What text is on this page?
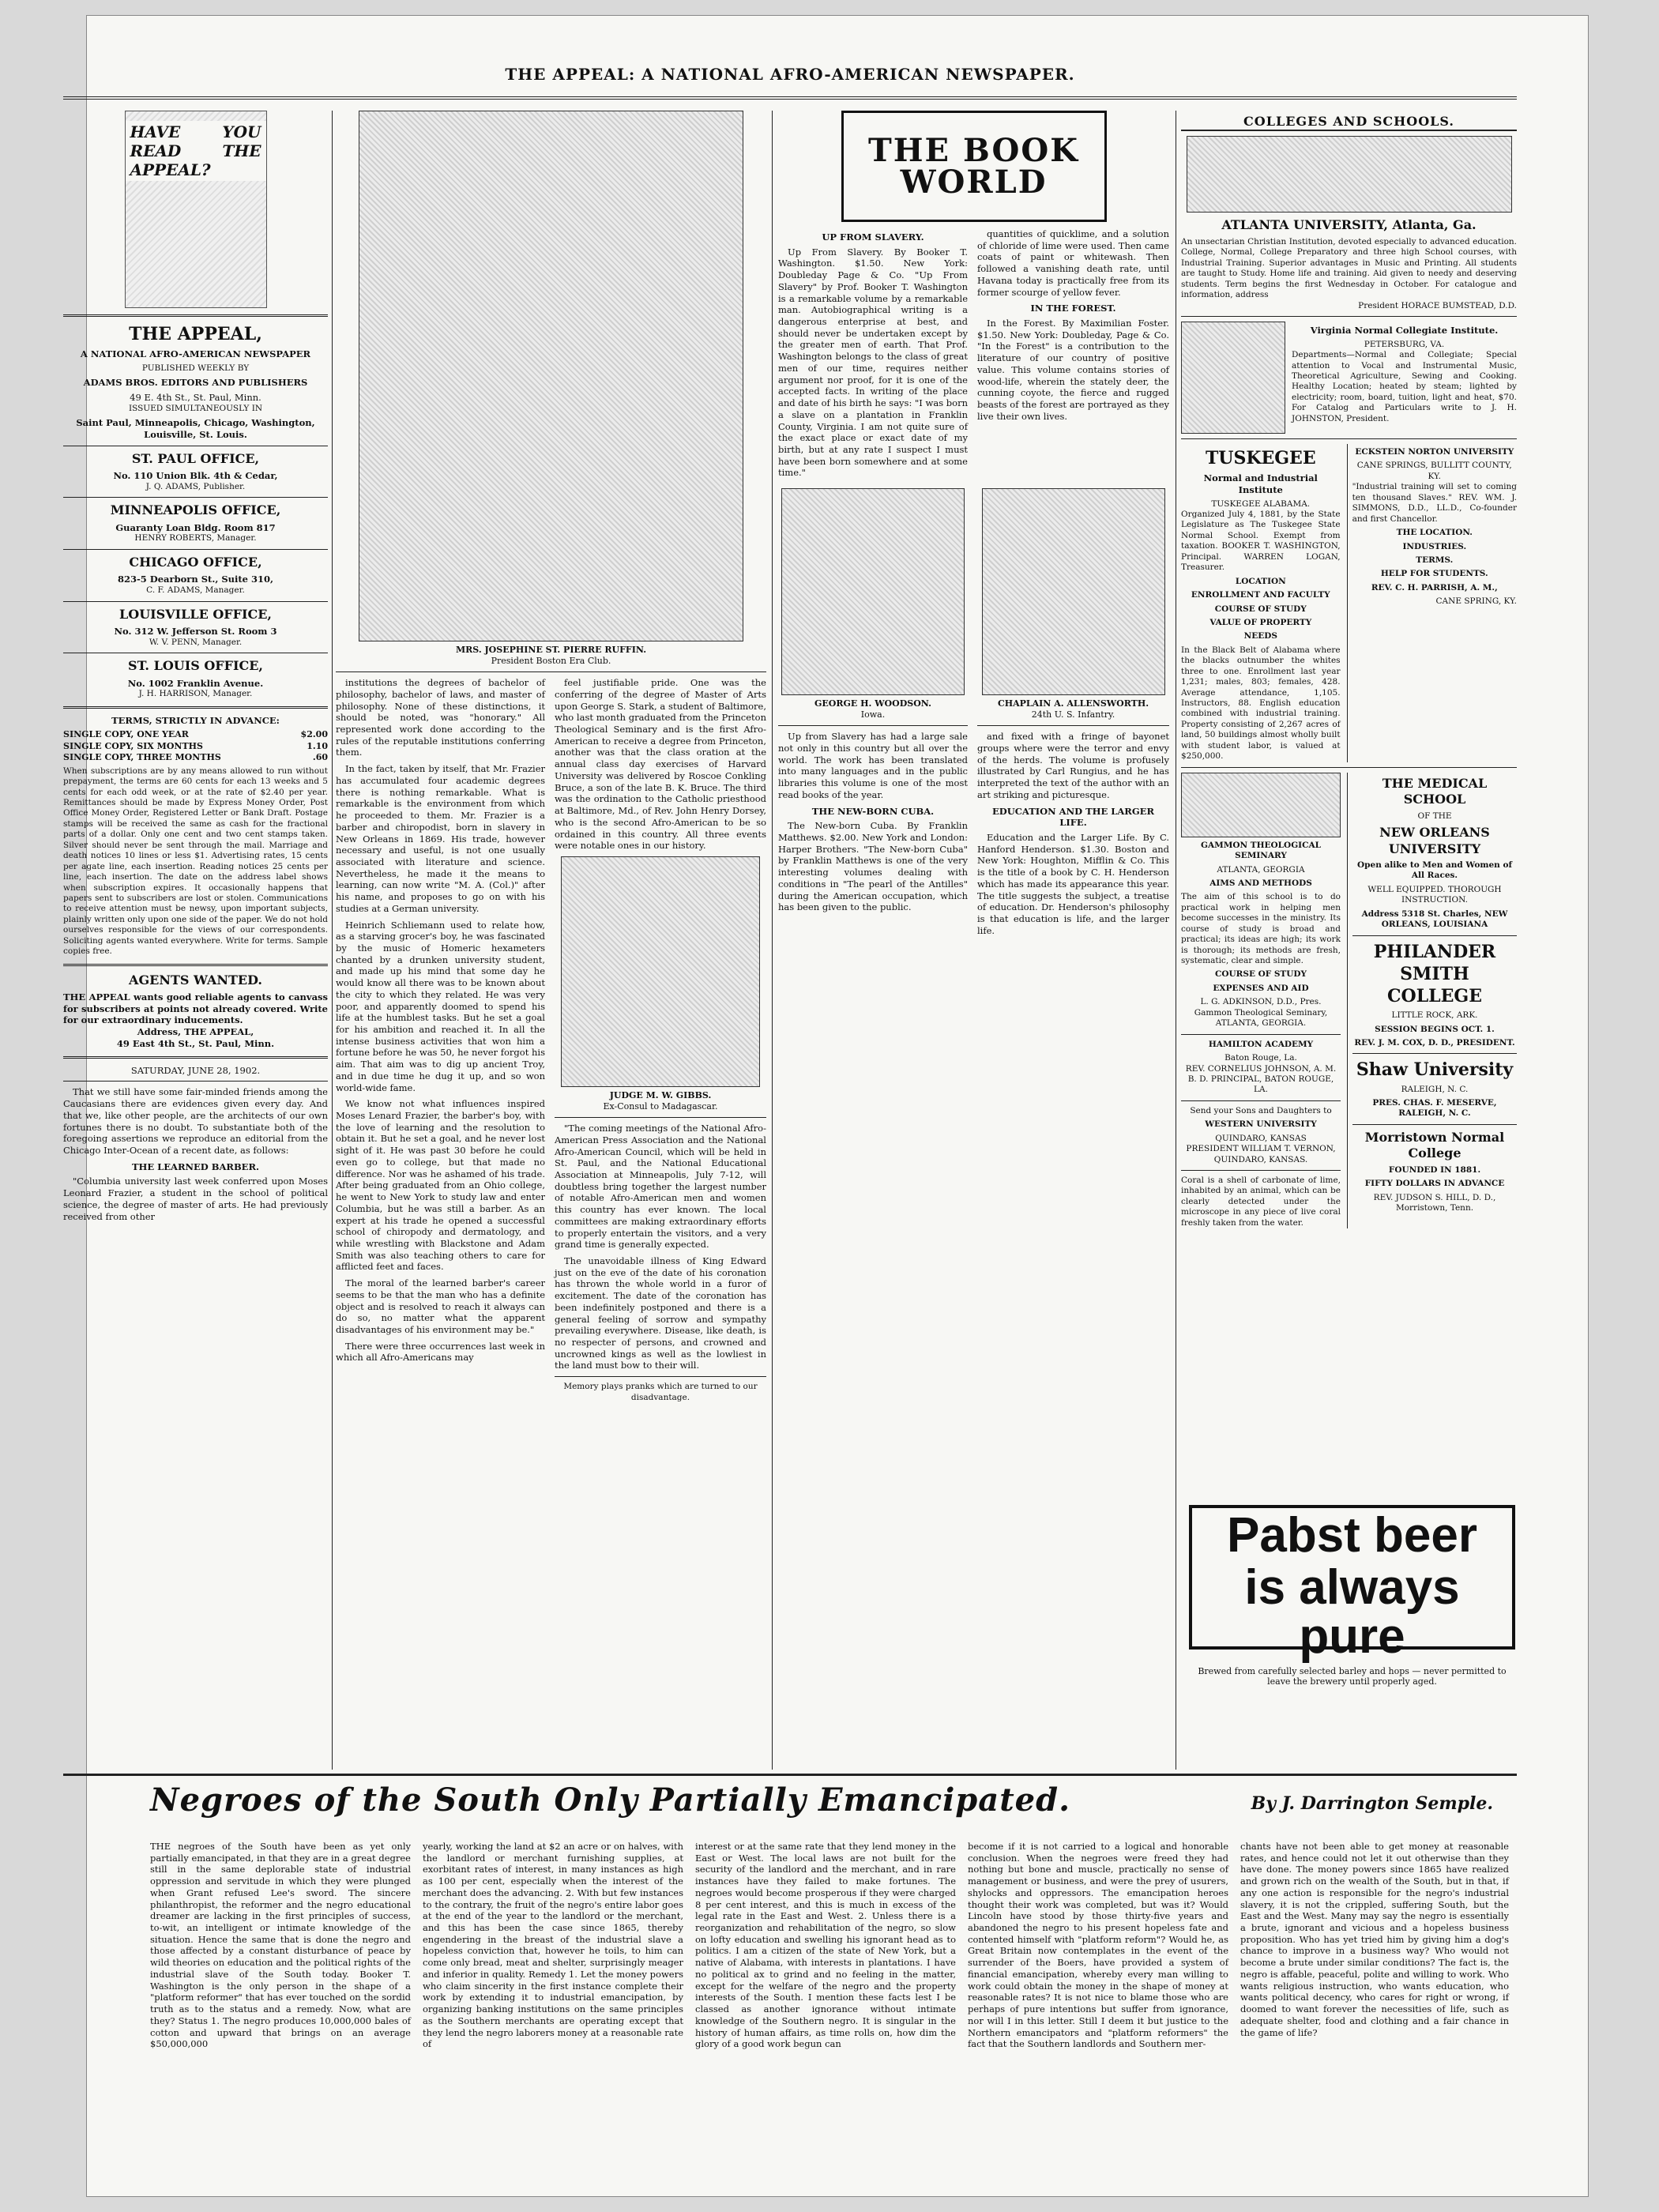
THE APPEAL: A NATIONAL AFRO-AMERICAN NEWSPAPER.
HAVE YOU READ THE APPEAL?
THE APPEAL,
A NATIONAL AFRO-AMERICAN NEWSPAPER
PUBLISHED WEEKLY BY
ADAMS BROS. EDITORS AND PUBLISHERS
49 E. 4th St., St. Paul, Minn.
ISSUED SIMULTANEOUSLY IN
Saint Paul, Minneapolis, Chicago, Washington, Louisville, St. Louis.
ST. PAUL OFFICE,
No. 110 Union Blk. 4th & Cedar,
J. Q. ADAMS, Publisher.
MINNEAPOLIS OFFICE,
Guaranty Loan Bldg. Room 817
HENRY ROBERTS, Manager.
CHICAGO OFFICE,
823-5 Dearborn St., Suite 310,
C. F. ADAMS, Manager.
LOUISVILLE OFFICE,
No. 312 W. Jefferson St. Room 3
W. V. PENN, Manager.
ST. LOUIS OFFICE,
No. 1002 Franklin Avenue.
J. H. HARRISON, Manager.
TERMS, STRICTLY IN ADVANCE:
SINGLE COPY, ONE YEAR	$2.00
SINGLE COPY, SIX MONTHS	1.10
SINGLE COPY, THREE MONTHS	.60
When subscriptions are by any means allowed to run without prepayment, the terms are 60 cents for each 13 weeks and 5 cents for each odd week, or at the rate of $2.40 per year. Remittances should be made by Express Money Order, Post Office Money Order, Registered Letter or Bank Draft. Postage stamps will be received the same as cash for the fractional parts of a dollar. Only one cent and two cent stamps taken. Silver should never be sent through the mail. Marriage and death notices 10 lines or less $1. Advertising rates, 15 cents per agate line, each insertion. Reading notices 25 cents per line, each insertion. The date on the address label shows when subscription expires. It occasionally happens that papers sent to subscribers are lost or stolen. Communications to receive attention must be newsy, upon important subjects, plainly written only upon one side of the paper. We do not hold ourselves responsible for the views of our correspondents. Soliciting agents wanted everywhere. Write for terms. Sample copies free.
AGENTS WANTED.
THE APPEAL wants good reliable agents to canvass for subscribers at points not already covered. Write for our extraordinary inducements.
Address, THE APPEAL,
49 East 4th St., St. Paul, Minn.
SATURDAY, JUNE 28, 1902.

That we still have some fair-minded friends among the Caucasians there are evidences given every day. And that we, like other people, are the architects of our own fortunes there is no doubt. To substantiate both of the foregoing assertions we reproduce an editorial from the Chicago Inter-Ocean of a recent date, as follows:

THE LEARNED BARBER.

"Columbia university last week conferred upon Moses Leonard Frazier, a student in the school of political science, the degree of master of arts. He had previously received from other

MRS. JOSEPHINE ST. PIERRE RUFFIN.
President Boston Era Club.

institutions the degrees of bachelor of philosophy, bachelor of laws, and master of philosophy. None of these distinctions, it should be noted, was "honorary." All represented work done according to the rules of the reputable institutions conferring them.

In the fact, taken by itself, that Mr. Frazier has accumulated four academic degrees there is nothing remarkable. What is remarkable is the environment from which he proceeded to them. Mr. Frazier is a barber and chiropodist, born in slavery in New Orleans in 1869. His trade, however necessary and useful, is not one usually associated with literature and science. Nevertheless, he made it the means to learning, can now write "M. A. (Col.)" after his name, and proposes to go on with his studies at a German university.

Heinrich Schliemann used to relate how, as a starving grocer's boy, he was fascinated by the music of Homeric hexameters chanted by a drunken university student, and made up his mind that some day he would know all there was to be known about the city to which they related. He was very poor, and apparently doomed to spend his life at the humblest tasks. But he set a goal for his ambition and reached it. In all the intense business activities that won him a fortune before he was 50, he never forgot his aim. That aim was to dig up ancient Troy, and in due time he dug it up, and so won world-wide fame.

We know not what influences inspired Moses Lenard Frazier, the barber's boy, with the love of learning and the resolution to obtain it. But he set a goal, and he never lost sight of it. He was past 30 before he could even go to college, but that made no difference. Nor was he ashamed of his trade. After being graduated from an Ohio college, he went to New York to study law and enter Columbia, but he was still a barber. As an expert at his trade he opened a successful school of chiropody and dermatology, and while wrestling with Blackstone and Adam Smith was also teaching others to care for afflicted feet and faces.

The moral of the learned barber's career seems to be that the man who has a definite object and is resolved to reach it always can do so, no matter what the apparent disadvantages of his environment may be."

There were three occurrences last week in which all Afro-Americans may

feel justifiable pride. One was the conferring of the degree of Master of Arts upon George S. Stark, a student of Baltimore, who last month graduated from the Princeton Theological Seminary and is the first Afro-American to receive a degree from Princeton, another was that the class oration at the annual class day exercises of Harvard University was delivered by Roscoe Conkling Bruce, a son of the late B. K. Bruce. The third was the ordination to the Catholic priesthood at Baltimore, Md., of Rev. John Henry Dorsey, who is the second Afro-American to be so ordained in this country. All three events were notable ones in our history.

JUDGE M. W. GIBBS.
Ex-Consul to Madagascar.

"The coming meetings of the National Afro-American Press Association and the National Afro-American Council, which will be held in St. Paul, and the National Educational Association at Minneapolis, July 7-12, will doubtless bring together the largest number of notable Afro-American men and women this country has ever known. The local committees are making extraordinary efforts to properly entertain the visitors, and a very grand time is generally expected.

The unavoidable illness of King Edward just on the eve of the date of his coronation has thrown the whole world in a furor of excitement. The date of the coronation has been indefinitely postponed and there is a general feeling of sorrow and sympathy prevailing everywhere. Disease, like death, is no respecter of persons, and crowned and uncrowned kings as well as the lowliest in the land must bow to their will.

Memory plays pranks which are turned to our disadvantage.
THE BOOK
WORLD
UP FROM SLAVERY.

Up From Slavery. By Booker T. Washington. $1.50. New York: Doubleday Page & Co. "Up From Slavery" by Prof. Booker T. Washington is a remarkable volume by a remarkable man. Autobiographical writing is a dangerous enterprise at best, and should never be undertaken except by the greater men of earth. That Prof. Washington belongs to the class of great men of our time, requires neither argument nor proof, for it is one of the accepted facts. In writing of the place and date of his birth he says: "I was born a slave on a plantation in Franklin County, Virginia. I am not quite sure of the exact place or exact date of my birth, but at any rate I suspect I must have been born somewhere and at some time."

quantities of quicklime, and a solution of chloride of lime were used. Then came coats of paint or whitewash. Then followed a vanishing death rate, until Havana today is practically free from its former scourge of yellow fever.

IN THE FOREST.

In the Forest. By Maximilian Foster. $1.50. New York: Doubleday, Page & Co. "In the Forest" is a contribution to the literature of our country of positive value. This volume contains stories of wood-life, wherein the stately deer, the cunning coyote, the fierce and rugged beasts of the forest are portrayed as they live their own lives.

GEORGE H. WOODSON.
Iowa.

Up from Slavery has had a large sale not only in this country but all over the world. The work has been translated into many languages and in the public libraries this volume is one of the most read books of the year.

THE NEW-BORN CUBA.

The New-born Cuba. By Franklin Matthews. $2.00. New York and London: Harper Brothers. "The New-born Cuba" by Franklin Matthews is one of the very interesting volumes dealing with conditions in "The pearl of the Antilles" during the American occupation, which has been given to the public.

CHAPLAIN A. ALLENSWORTH.
24th U. S. Infantry.

and fixed with a fringe of bayonet groups where were the terror and envy of the herds. The volume is profusely illustrated by Carl Rungius, and he has interpreted the text of the author with an art striking and picturesque.

EDUCATION AND THE LARGER LIFE.

Education and the Larger Life. By C. Hanford Henderson. $1.30. Boston and New York: Houghton, Mifflin & Co. This is the title of a book by C. H. Henderson which has made its appearance this year. The title suggests the subject, a treatise of education. Dr. Henderson's philosophy is that education is life, and the larger life.

COLLEGES AND SCHOOLS.
ATLANTA UNIVERSITY, Atlanta, Ga.
An unsectarian Christian Institution, devoted especially to advanced education. College, Normal, College Preparatory and three high School courses, with Industrial Training. Superior advantages in Music and Printing. All students are taught to Study. Home life and training. Aid given to needy and deserving students. Term begins the first Wednesday in October. For catalogue and information, address
President HORACE BUMSTEAD, D.D.
Virginia Normal Collegiate Institute.
PETERSBURG, VA.
Departments—Normal and Collegiate; Special attention to Vocal and Instrumental Music, Theoretical Agriculture, Sewing and Cooking. Healthy Location; heated by steam; lighted by electricity; room, board, tuition, light and heat, $70. For Catalog and Particulars write to J. H. JOHNSTON, President.
TUSKEGEE
Normal and Industrial Institute
TUSKEGEE ALABAMA.
Organized July 4, 1881, by the State Legislature as The Tuskegee State Normal School. Exempt from taxation. BOOKER T. WASHINGTON, Principal. WARREN LOGAN, Treasurer.
LOCATION
ENROLLMENT AND FACULTY
COURSE OF STUDY
VALUE OF PROPERTY
NEEDS
In the Black Belt of Alabama where the blacks outnumber the whites three to one. Enrollment last year 1,231; males, 803; females, 428. Average attendance, 1,105. Instructors, 88. English education combined with industrial training. Property consisting of 2,267 acres of land, 50 buildings almost wholly built with student labor, is valued at $250,000.
ECKSTEIN NORTON UNIVERSITY
CANE SPRINGS, BULLITT COUNTY, KY.
"Industrial training will set to coming ten thousand Slaves." REV. WM. J. SIMMONS, D.D., LL.D., Co-founder and first Chancellor.
THE LOCATION.
INDUSTRIES.
TERMS.
HELP FOR STUDENTS.
REV. C. H. PARRISH, A. M.,
CANE SPRING, KY.
GAMMON THEOLOGICAL SEMINARY
ATLANTA, GEORGIA
AIMS AND METHODS
The aim of this school is to do practical work in helping men become successes in the ministry. Its course of study is broad and practical; its ideas are high; its work is thorough; its methods are fresh, systematic, clear and simple.
COURSE OF STUDY
EXPENSES AND AID
L. G. ADKINSON, D.D., Pres. Gammon Theological Seminary, ATLANTA, GEORGIA.
HAMILTON ACADEMY
Baton Rouge, La.
REV. CORNELIUS JOHNSON, A. M. B. D. PRINCIPAL, BATON ROUGE, LA.
Send your Sons and Daughters to
WESTERN UNIVERSITY
QUINDARO, KANSAS
PRESIDENT WILLIAM T. VERNON, QUINDARO, KANSAS.
Coral is a shell of carbonate of lime, inhabited by an animal, which can be clearly detected under the microscope in any piece of live coral freshly taken from the water.
THE MEDICAL SCHOOL
OF THE
NEW ORLEANS UNIVERSITY
Open alike to Men and Women of All Races.
WELL EQUIPPED. THOROUGH INSTRUCTION.
Address 5318 St. Charles, NEW ORLEANS, LOUISIANA
PHILANDER SMITH COLLEGE
LITTLE ROCK, ARK.
SESSION BEGINS OCT. 1.
REV. J. M. COX, D. D., PRESIDENT.
Shaw University
RALEIGH, N. C.
PRES. CHAS. F. MESERVE, RALEIGH, N. C.
Morristown Normal College
FOUNDED IN 1881.
FIFTY DOLLARS IN ADVANCE
REV. JUDSON S. HILL, D. D., Morristown, Tenn.
Pabst beer
is always pure
Brewed from carefully selected barley and hops — never permitted to leave the brewery until properly aged.
Negroes of the South Only Partially Emancipated.	By J. Darrington Semple.
THE negroes of the South have been as yet only partially emancipated, in that they are in a great degree still in the same deplorable state of industrial oppression and servitude in which they were plunged when Grant refused Lee's sword. The sincere philanthropist, the reformer and the negro educational dreamer are lacking in the first principles of success, to-wit, an intelligent or intimate knowledge of the situation. Hence the same that is done the negro and those affected by a constant disturbance of peace by wild theories on education and the political rights of the industrial slave of the South today. Booker T. Washington is the only person in the shape of a "platform reformer" that has ever touched on the sordid truth as to the status and a remedy. Now, what are they? Status 1. The negro produces 10,000,000 bales of cotton and upward that brings on an average $50,000,000
yearly, working the land at $2 an acre or on halves, with the landlord or merchant furnishing supplies, at exorbitant rates of interest, in many instances as high as 100 per cent, especially when the interest of the merchant does the advancing. 2. With but few instances to the contrary, the fruit of the negro's entire labor goes at the end of the year to the landlord or the merchant, and this has been the case since 1865, thereby engendering in the breast of the industrial slave a hopeless conviction that, however he toils, to him can come only bread, meat and shelter, surprisingly meager and inferior in quality. Remedy 1. Let the money powers who claim sincerity in the first instance complete their work by extending it to industrial emancipation, by organizing banking institutions on the same principles as the Southern merchants are operating except that they lend the negro laborers money at a reasonable rate of
interest or at the same rate that they lend money in the East or West. The local laws are not built for the security of the landlord and the merchant, and in rare instances have they failed to make fortunes. The negroes would become prosperous if they were charged 8 per cent interest, and this is much in excess of the legal rate in the East and West. 2. Unless there is a reorganization and rehabilitation of the negro, so slow on lofty education and swelling his ignorant head as to politics. I am a citizen of the state of New York, but a native of Alabama, with interests in plantations. I have no political ax to grind and no feeling in the matter, except for the welfare of the negro and the property interests of the South. I mention these facts lest I be classed as another ignorance without intimate knowledge of the Southern negro. It is singular in the history of human affairs, as time rolls on, how dim the glory of a good work begun can
become if it is not carried to a logical and honorable conclusion. When the negroes were freed they had nothing but bone and muscle, practically no sense of management or business, and were the prey of usurers, shylocks and oppressors. The emancipation heroes thought their work was completed, but was it? Would Lincoln have stood by those thirty-five years and abandoned the negro to his present hopeless fate and contented himself with "platform reform"? Would he, as Great Britain now contemplates in the event of the surrender of the Boers, have provided a system of financial emancipation, whereby every man willing to work could obtain the money in the shape of money at reasonable rates? It is not nice to blame those who are perhaps of pure intentions but suffer from ignorance, nor will I in this letter. Still I deem it but justice to the Northern emancipators and "platform reformers" the fact that the Southern landlords and Southern mer-
chants have not been able to get money at reasonable rates, and hence could not let it out otherwise than they have done. The money powers since 1865 have realized and grown rich on the wealth of the South, but in that, if any one action is responsible for the negro's industrial slavery, it is not the crippled, suffering South, but the East and the West. Many may say the negro is essentially a brute, ignorant and vicious and a hopeless business proposition. Who has yet tried him by giving him a dog's chance to improve in a business way? Who would not become a brute under similar conditions? The fact is, the negro is affable, peaceful, polite and willing to work. Who wants religious instruction, who wants education, who wants political decency, who cares for right or wrong, if doomed to want forever the necessities of life, such as adequate shelter, food and clothing and a fair chance in the game of life?
